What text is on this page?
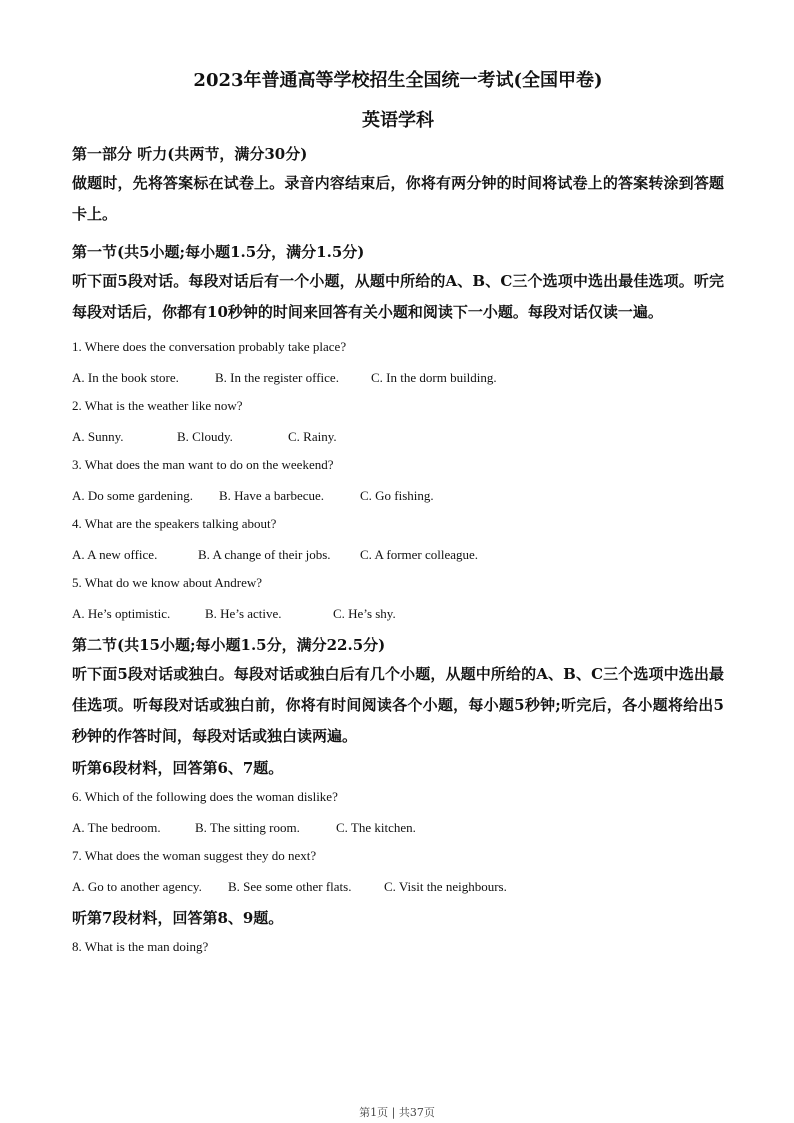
2023年普通高等学校招生全国统一考试(全国甲卷)
英语学科

第一部分 听力(共两节，满分30分)

做题时，先将答案标在试卷上。录音内容结束后，你将有两分钟的时间将试卷上的答案转涂到答题卡上。

第一节(共5小题;每小题1.5分，满分1.5分)

听下面5段对话。每段对话后有一个小题，从题中所给的A、B、C三个选项中选出最佳选项。听完每段对话后，你都有10秒钟的时间来回答有关小题和阅读下一小题。每段对话仅读一遍。

1. Where does the conversation probably take place?

A. In the book store.	B. In the register office.	C. In the dorm building.

2. What is the weather like now?

A. Sunny.	B. Cloudy.	C. Rainy.

3. What does the man want to do on the weekend?

A. Do some gardening.	B. Have a barbecue.	C. Go fishing.

4. What are the speakers talking about?

A. A new office.	B. A change of their jobs.	C. A former colleague.

5. What do we know about Andrew?

A. He’s optimistic.	B. He’s active.	C. He’s shy.

第二节(共15小题;每小题1.5分，满分22.5分)

听下面5段对话或独白。每段对话或独白后有几个小题，从题中所给的A、B、C三个选项中选出最佳选项。听每段对话或独白前，你将有时间阅读各个小题，每小题5秒钟;听完后，各小题将给出5秒钟的作答时间，每段对话或独白读两遍。

听第6段材料，回答第6、7题。

6. Which of the following does the woman dislike?

A. The bedroom.	B. The sitting room.	C. The kitchen.

7. What does the woman suggest they do next?

A. Go to another agency.	B. See some other flats.	C. Visit the neighbours.

听第7段材料，回答第8、9题。

8. What is the man doing?

第1页 | 共37页
